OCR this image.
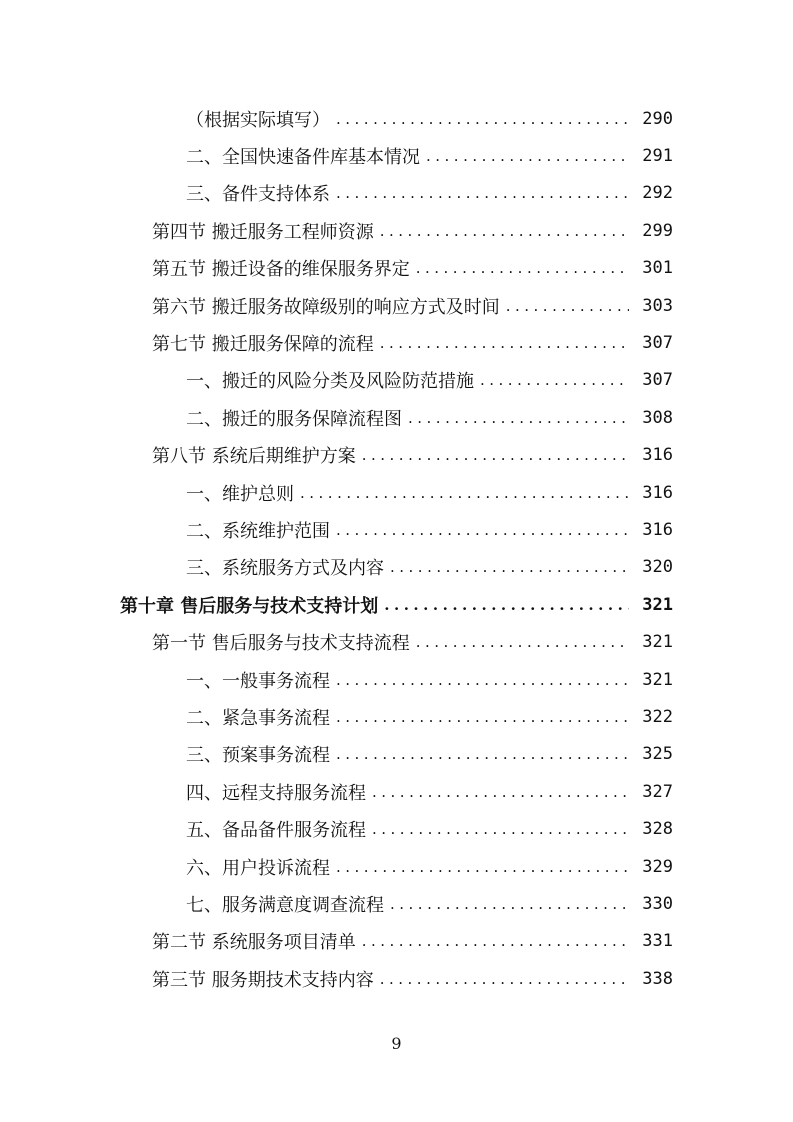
（根据实际填写） .....	290
二、全国快速备件库基本情况 .....	291
三、备件支持体系 .....	292
第四节 搬迁服务工程师资源 .....	299
第五节 搬迁设备的维保服务界定 .....	301
第六节 搬迁服务故障级别的响应方式及时间 .....	303
第七节 搬迁服务保障的流程 .....	307
一、搬迁的风险分类及风险防范措施 .....	307
二、搬迁的服务保障流程图 .....	308
第八节 系统后期维护方案 .....	316
一、维护总则 .....	316
二、系统维护范围 .....	316
三、系统服务方式及内容 .....	320
第十章 售后服务与技术支持计划 .....	321
第一节 售后服务与技术支持流程 .....	321
一、一般事务流程 .....	321
二、紧急事务流程 .....	322
三、预案事务流程 .....	325
四、远程支持服务流程 .....	327
五、备品备件服务流程 .....	328
六、用户投诉流程 .....	329
七、服务满意度调查流程 .....	330
第二节 系统服务项目清单 .....	331
第三节 服务期技术支持内容 .....	338
9
